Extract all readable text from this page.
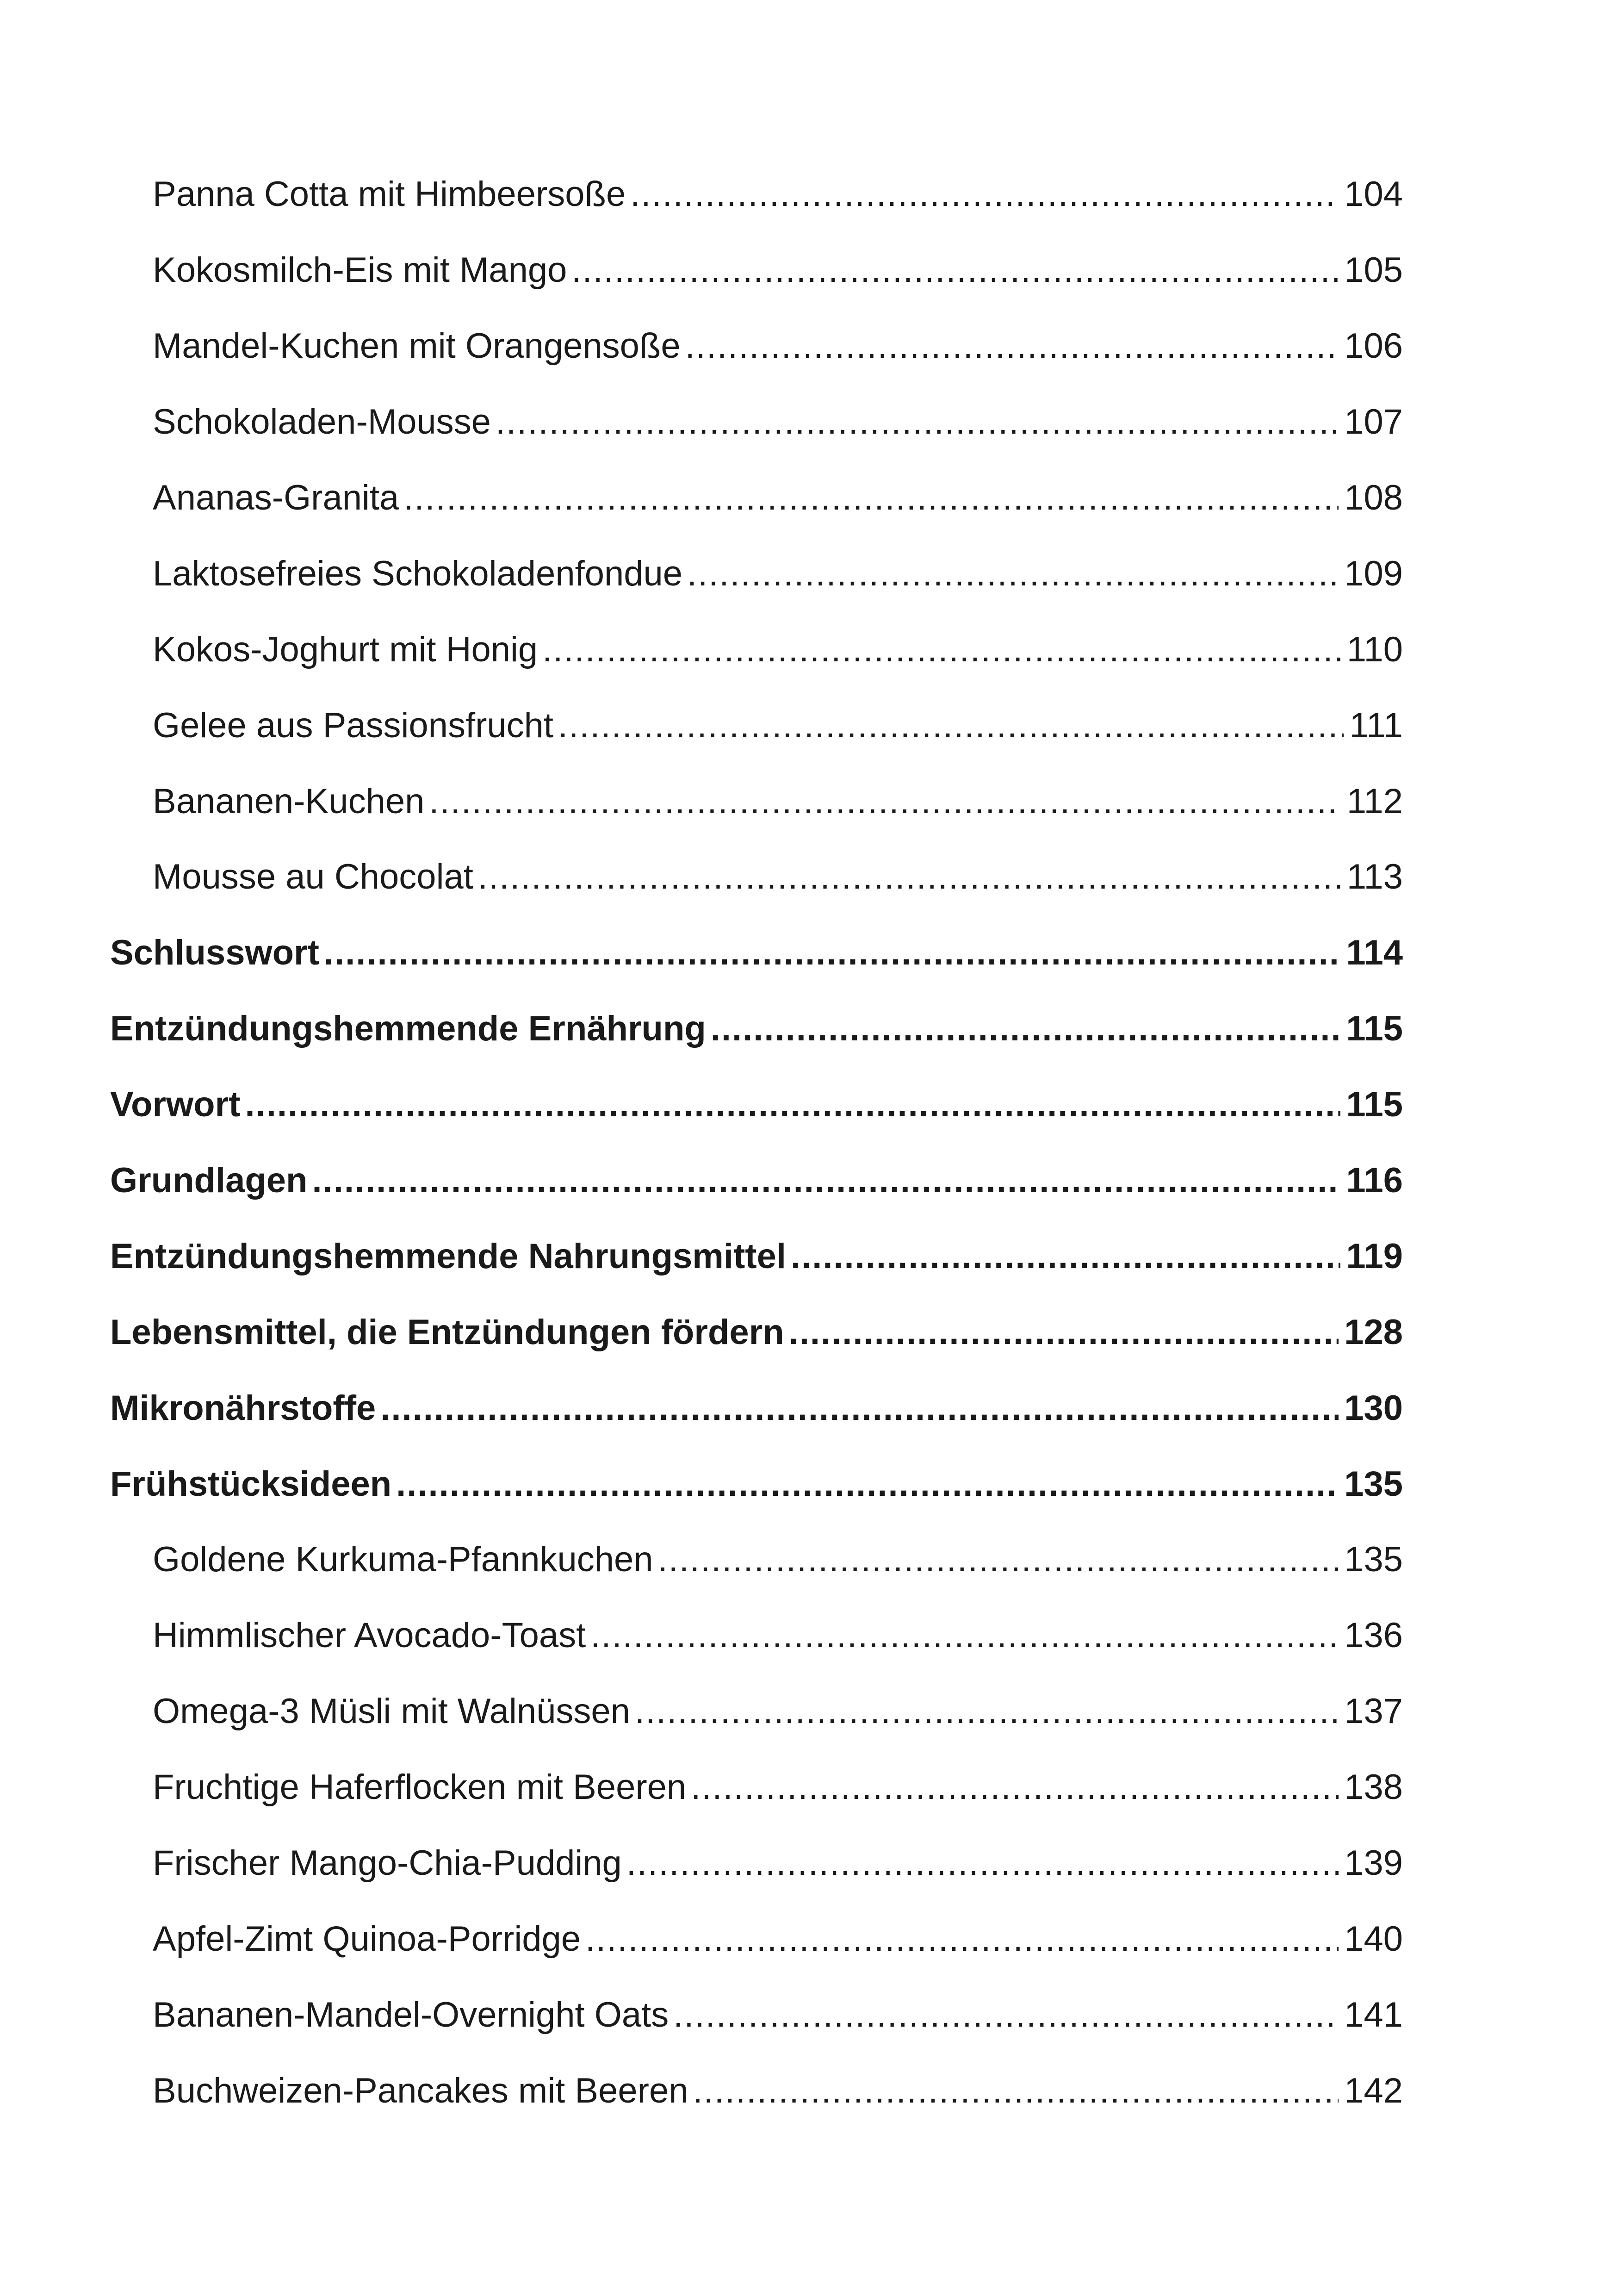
Panna Cotta mit Himbeersoße .....	104
Kokosmilch-Eis mit Mango .....	105
Mandel-Kuchen mit Orangensoße .....	106
Schokoladen-Mousse .....	107
Ananas-Granita .....	108
Laktosefreies Schokoladenfondue .....	109
Kokos-Joghurt mit Honig .....	110
Gelee aus Passionsfrucht .....	111
Bananen-Kuchen .....	112
Mousse au Chocolat .....	113
Schlusswort .....	114
Entzündungshemmende Ernährung .....	115
Vorwort .....	115
Grundlagen .....	116
Entzündungshemmende Nahrungsmittel .....	119
Lebensmittel, die Entzündungen fördern .....	128
Mikronährstoffe .....	130
Frühstücksideen .....	135
Goldene Kurkuma-Pfannkuchen .....	135
Himmlischer Avocado-Toast .....	136
Omega-3 Müsli mit Walnüssen .....	137
Fruchtige Haferflocken mit Beeren .....	138
Frischer Mango-Chia-Pudding .....	139
Apfel-Zimt Quinoa-Porridge .....	140
Bananen-Mandel-Overnight Oats .....	141
Buchweizen-Pancakes mit Beeren .....	142
